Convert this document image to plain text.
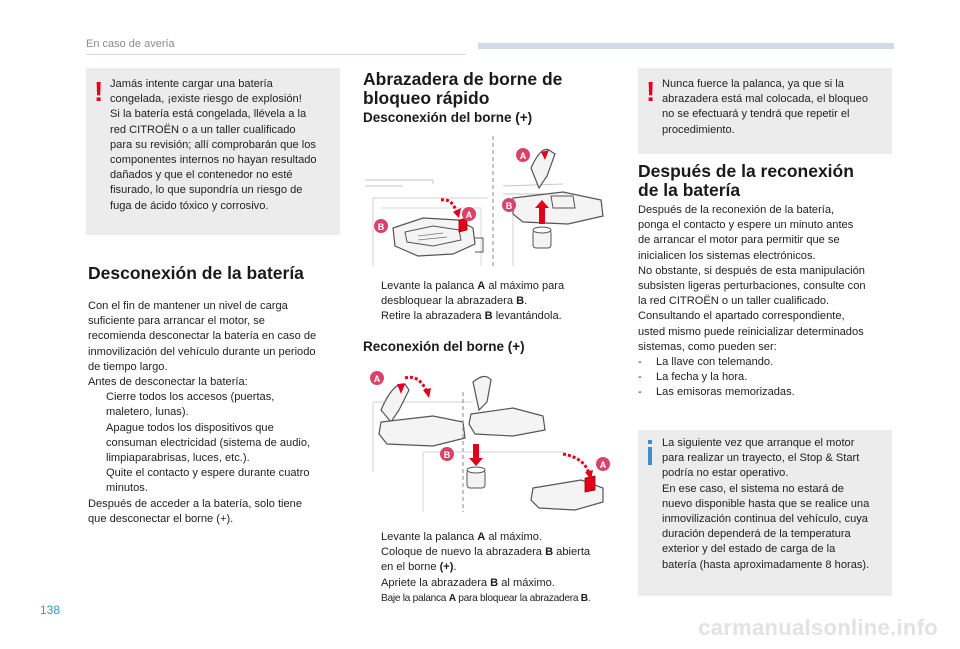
En caso de avería
! Jamás intente cargar una batería

congelada, ¡existe riesgo de explosión!

Si la batería está congelada, llévela a la

red CITROËN o a un taller cualificado

para su revisión; allí comprobarán que los

componentes internos no hayan resultado

dañados y que el contenedor no esté

fisurado, lo que supondría un riesgo de

fuga de ácido tóxico y corrosivo.

Desconexión de la batería

Con el fin de mantener un nivel de carga

suficiente para arrancar el motor, se

recomienda desconectar la batería en caso de

inmovilización del vehículo durante un periodo

de tiempo largo.

Antes de desconectar la batería:

Cierre todos los accesos (puertas,

maletero, lunas).

Apague todos los dispositivos que

consuman electricidad (sistema de audio,

limpiaparabrisas, luces, etc.).

Quite el contacto y espere durante cuatro

minutos.

Después de acceder a la batería, solo tiene

que desconectar el borne (+).

Abrazadera de borne de
bloqueo rápido
Desconexión del borne (+)
B
A
A
B

Levante la palanca A al máximo para

desbloquear la abrazadera B.

Retire la abrazadera B levantándola.

Reconexión del borne (+)
A
B
A

Levante la palanca A al máximo.

Coloque de nuevo la abrazadera B abierta

en el borne (+).

Apriete la abrazadera B al máximo.

Baje la palanca A para bloquear la abrazadera B.

! Nunca fuerce la palanca, ya que si la

abrazadera está mal colocada, el bloqueo

no se efectuará y tendrá que repetir el

procedimiento.

Después de la reconexión
de la batería

Después de la reconexión de la batería,

ponga el contacto y espere un minuto antes

de arrancar el motor para permitir que se

inicialicen los sistemas electrónicos.

No obstante, si después de esta manipulación

subsisten ligeras perturbaciones, consulte con

la red CITROËN o un taller cualificado.

Consultando el apartado correspondiente,

usted mismo puede reinicializar determinados

sistemas, como pueden ser:

-	La llave con telemando.

-	La fecha y la hora.

-	Las emisoras memorizadas.

La siguiente vez que arranque el motor

para realizar un trayecto, el Stop & Start

podría no estar operativo.

En ese caso, el sistema no estará de

nuevo disponible hasta que se realice una

inmovilización continua del vehículo, cuya

duración dependerá de la temperatura

exterior y del estado de carga de la

batería (hasta aproximadamente 8 horas).

138
carmanualsonline.info
